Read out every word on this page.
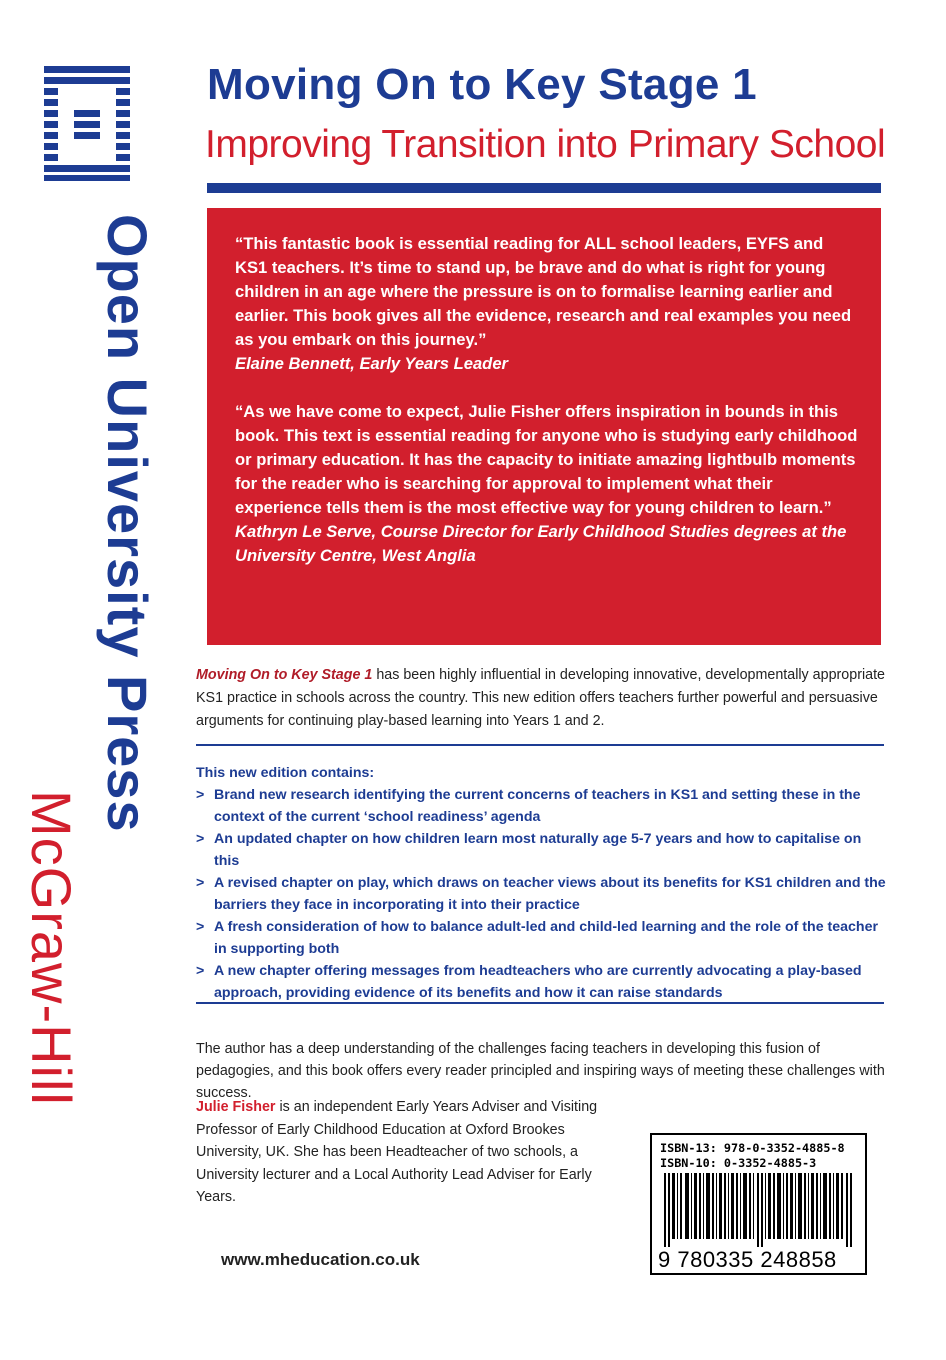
Open University Press
McGraw-Hill
Moving On to Key Stage 1
Improving Transition into Primary School

“This fantastic book is essential reading for ALL school leaders, EYFS and KS1 teachers. It’s time to stand up, be brave and do what is right for young children in an age where the pressure is on to formalise learning earlier and earlier. This book gives all the evidence, research and real examples you need as you embark on this journey.”

Elaine Bennett, Early Years Leader

“As we have come to expect, Julie Fisher offers inspiration in bounds in this book. This text is essential reading for anyone who is studying early childhood or primary education. It has the capacity to initiate amazing lightbulb moments for the reader who is searching for approval to implement what their experience tells them is the most effective way for young children to learn.”

Kathryn Le Serve, Course Director for Early Childhood Studies degrees at the University Centre, West Anglia

Moving On to Key Stage 1 has been highly influential in developing innovative, developmentally appropriate KS1 practice in schools across the country. This new edition offers teachers further powerful and persuasive arguments for continuing play-based learning into Years 1 and 2.

This new edition contains:

> Brand new research identifying the current concerns of teachers in KS1 and setting these in the context of the current ‘school readiness’ agenda
> An updated chapter on how children learn most naturally age 5-7 years and how to capitalise on this
> A revised chapter on play, which draws on teacher views about its benefits for KS1 children and the barriers they face in incorporating it into their practice
> A fresh consideration of how to balance adult-led and child-led learning and the role of the teacher in supporting both
> A new chapter offering messages from headteachers who are currently advocating a play-based approach, providing evidence of its benefits and how it can raise standards

The author has a deep understanding of the challenges facing teachers in developing this fusion of pedagogies, and this book offers every reader principled and inspiring ways of meeting these challenges with success.

Julie Fisher is an independent Early Years Adviser and Visiting Professor of Early Childhood Education at Oxford Brookes University, UK. She has been Headteacher of two schools, a University lecturer and a Local Authority Lead Adviser for Early Years.

www.mheducation.co.uk
ISBN-13: 978-0-3352-4885-8
ISBN-10: 0-3352-4885-3
9 780335 248858
